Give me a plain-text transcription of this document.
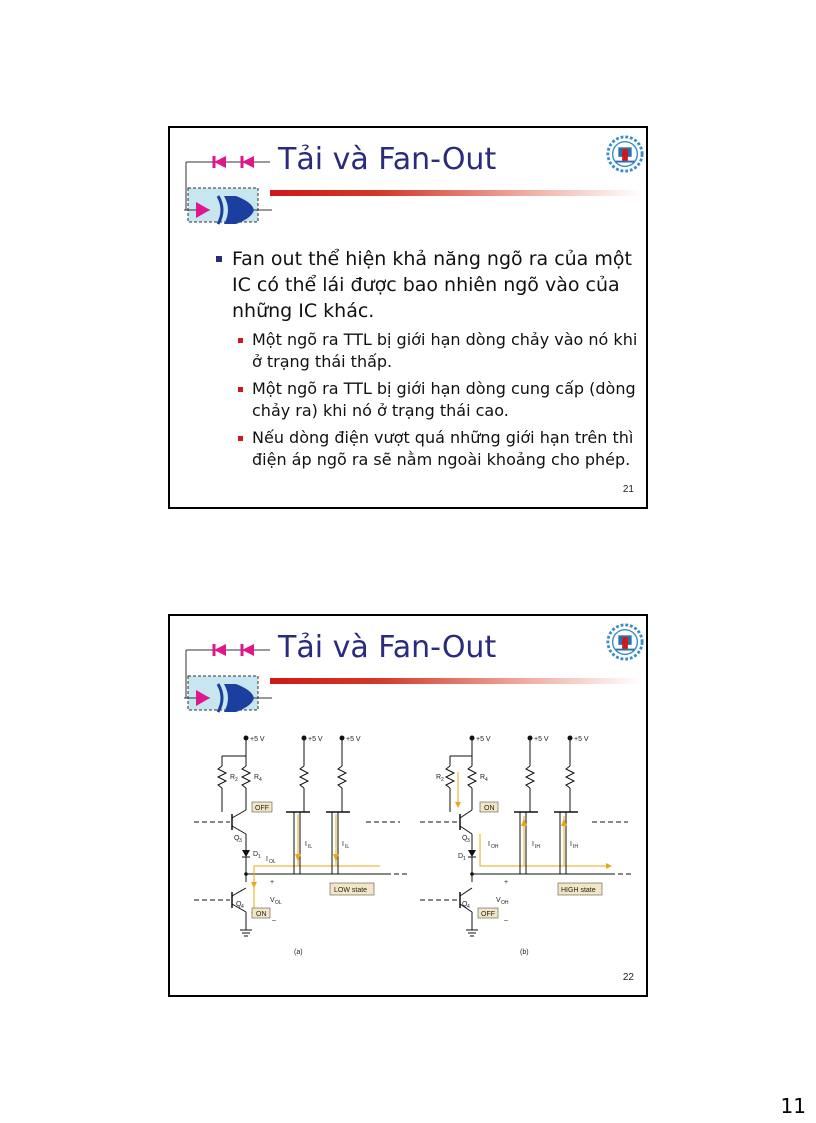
Tải và Fan-Out
Fan out thể hiện khả năng ngõ ra của một IC có thể lái được bao nhiên ngõ vào của những IC khác.
Một ngõ ra TTL bị giới hạn dòng chảy vào nó khi ở trạng thái thấp.
Một ngõ ra TTL bị giới hạn dòng cung cấp (dòng chảy ra) khi nó ở trạng thái cao.
Nếu dòng điện vượt quá những giới hạn trên thì điện áp ngõ ra sẽ nằm ngoài khoảng cho phép.
21
Tải và Fan-Out
+5 V	+5 V	+5 V
R 2 R 4
OFF
Q 3
D 1
+
I OL
I IL	I IL
LOW state
Q 4
V OL
–
ON
(a)
+5 V	+5 V	+5 V
R 2	R 4
ON
Q 3
D 1
+
I OH	I IH	I IH
HIGH state
Q 4
V OH
–
OFF
(b)
22
11
